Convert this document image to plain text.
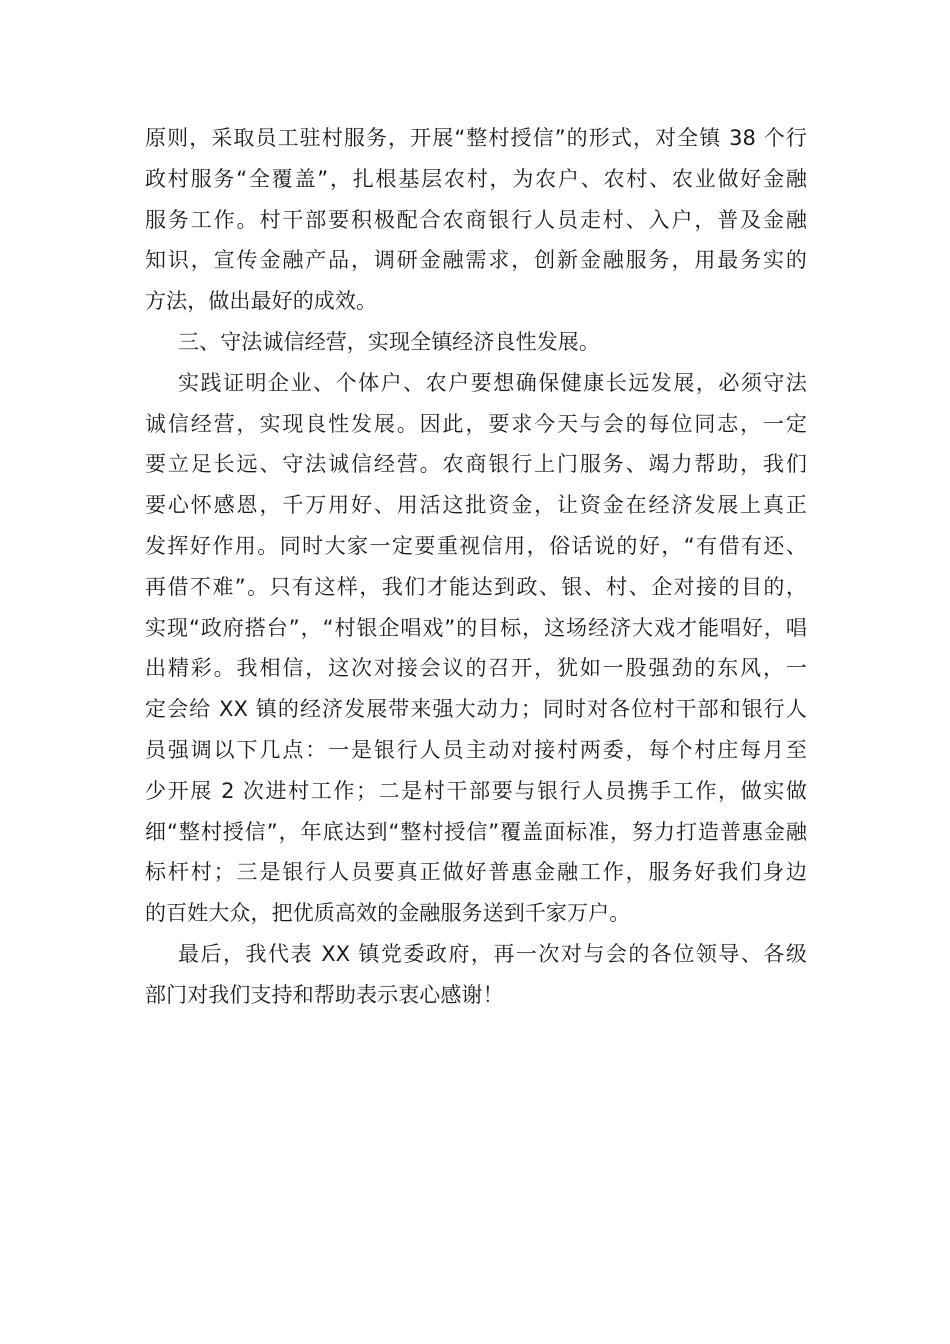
原则，采取员工驻村服务，开展“整村授信”的形式，对全镇 38 个行
政村服务“全覆盖”，扎根基层农村，为农户、农村、农业做好金融
服务工作。村干部要积极配合农商银行人员走村、入户，普及金融
知识，宣传金融产品，调研金融需求，创新金融服务，用最务实的
方法，做出最好的成效。
三、守法诚信经营，实现全镇经济良性发展。
实践证明企业、个体户、农户要想确保健康长远发展，必须守法
诚信经营，实现良性发展。因此，要求今天与会的每位同志，一定
要立足长远、守法诚信经营。农商银行上门服务、竭力帮助，我们
要心怀感恩，千万用好、用活这批资金，让资金在经济发展上真正
发挥好作用。同时大家一定要重视信用，俗话说的好，“有借有还、
再借不难”。只有这样，我们才能达到政、银、村、企对接的目的，
实现“政府搭台”，“村银企唱戏”的目标，这场经济大戏才能唱好，唱
出精彩。我相信，这次对接会议的召开，犹如一股强劲的东风，一
定会给 XX 镇的经济发展带来强大动力；同时对各位村干部和银行人
员强调以下几点：一是银行人员主动对接村两委，每个村庄每月至
少开展 2 次进村工作；二是村干部要与银行人员携手工作，做实做
细“整村授信”，年底达到“整村授信”覆盖面标准，努力打造普惠金融
标杆村；三是银行人员要真正做好普惠金融工作，服务好我们身边
的百姓大众，把优质高效的金融服务送到千家万户。
最后，我代表 XX 镇党委政府，再一次对与会的各位领导、各级
部门对我们支持和帮助表示衷心感谢！
